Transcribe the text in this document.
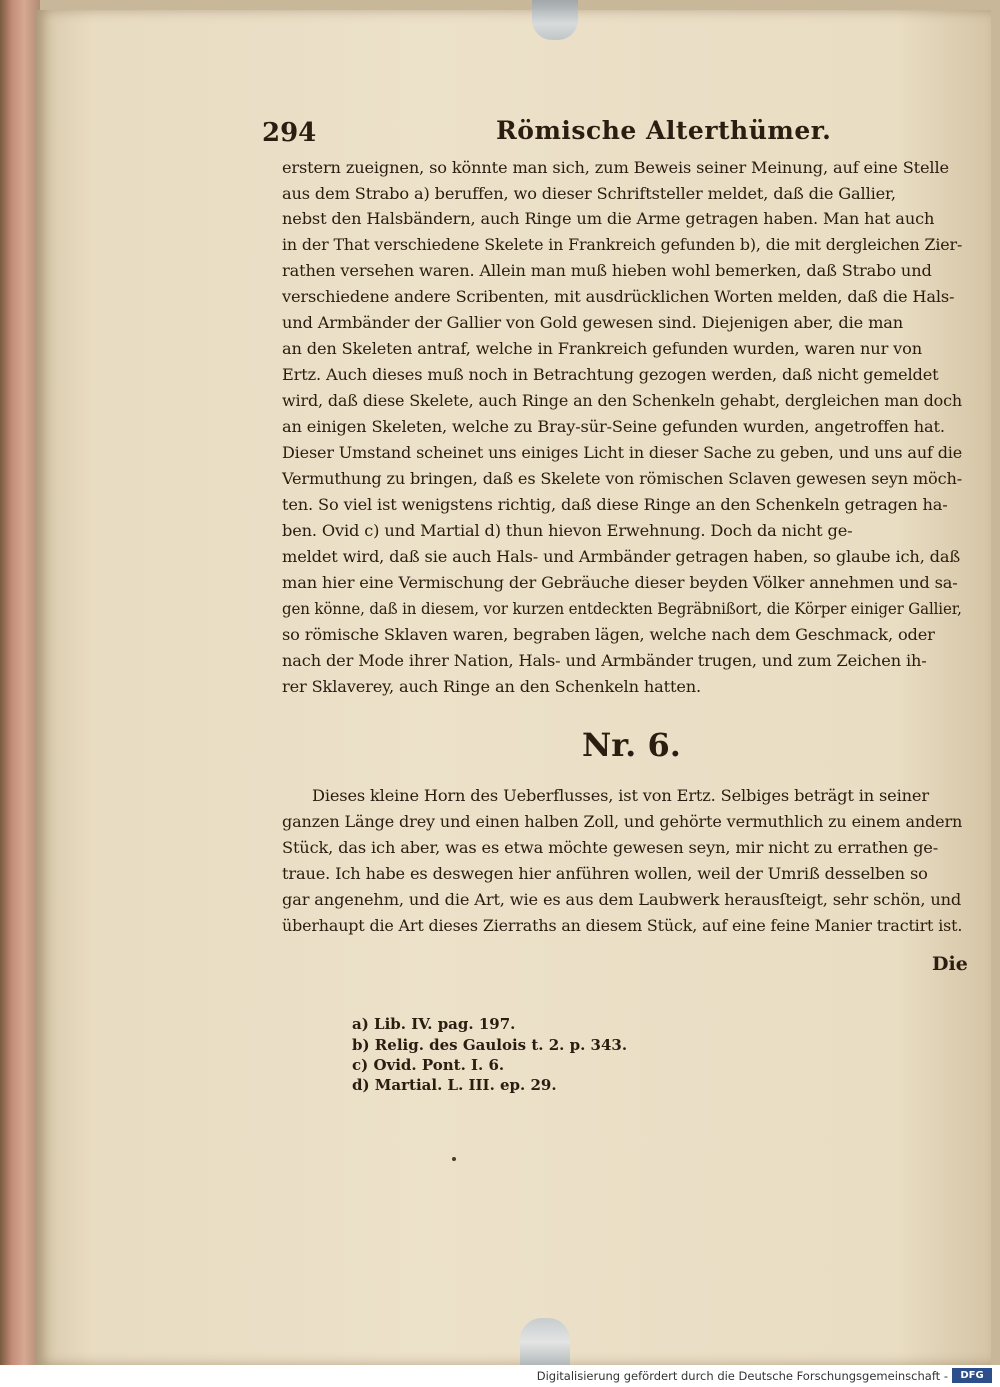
294	Römische Alterthümer.
erstern zueignen, so könnte man sich, zum Beweis seiner Meinung, auf eine Stelle
aus dem Strabo a) beruffen, wo dieser Schriftsteller meldet, daß die Gallier,
nebst den Halsbändern, auch Ringe um die Arme getragen haben. Man hat auch
in der That verschiedene Skelete in Frankreich gefunden b), die mit dergleichen Zier-
rathen versehen waren. Allein man muß hieben wohl bemerken, daß Strabo und
verschiedene andere Scribenten, mit ausdrücklichen Worten melden, daß die Hals-
und Armbänder der Gallier von Gold gewesen sind. Diejenigen aber, die man
an den Skeleten antraf, welche in Frankreich gefunden wurden, waren nur von
Ertz. Auch dieses muß noch in Betrachtung gezogen werden, daß nicht gemeldet
wird, daß diese Skelete, auch Ringe an den Schenkeln gehabt, dergleichen man doch
an einigen Skeleten, welche zu Bray-sür-Seine gefunden wurden, angetroffen hat.
Dieser Umstand scheinet uns einiges Licht in dieser Sache zu geben, und uns auf die
Vermuthung zu bringen, daß es Skelete von römischen Sclaven gewesen seyn möch-
ten. So viel ist wenigstens richtig, daß diese Ringe an den Schenkeln getragen ha-
ben. Ovid c) und Martial d) thun hievon Erwehnung. Doch da nicht ge-
meldet wird, daß sie auch Hals- und Armbänder getragen haben, so glaube ich, daß
man hier eine Vermischung der Gebräuche dieser beyden Völker annehmen und sa-
gen könne, daß in diesem, vor kurzen entdeckten Begräbnißort, die Körper einiger Gallier,
so römische Sklaven waren, begraben lägen, welche nach dem Geschmack, oder
nach der Mode ihrer Nation, Hals- und Armbänder trugen, und zum Zeichen ih-
rer Sklaverey, auch Ringe an den Schenkeln hatten.
Nr. 6.
Dieses kleine Horn des Ueberflusses, ist von Ertz. Selbiges beträgt in seiner
ganzen Länge drey und einen halben Zoll, und gehörte vermuthlich zu einem andern
Stück, das ich aber, was es etwa möchte gewesen seyn, mir nicht zu errathen ge-
traue. Ich habe es deswegen hier anführen wollen, weil der Umriß desselben so
gar angenehm, und die Art, wie es aus dem Laubwerk herausſteigt, sehr schön, und
überhaupt die Art dieses Zierraths an diesem Stück, auf eine feine Manier tractirt ist.
Die
a) Lib. IV. pag. 197.
b) Relig. des Gaulois t. 2. p. 343.
c) Ovid. Pont. I. 6.
d) Martial. L. III. ep. 29.
Digitalisierung gefördert durch die Deutsche Forschungsgemeinschaft -	DFG
